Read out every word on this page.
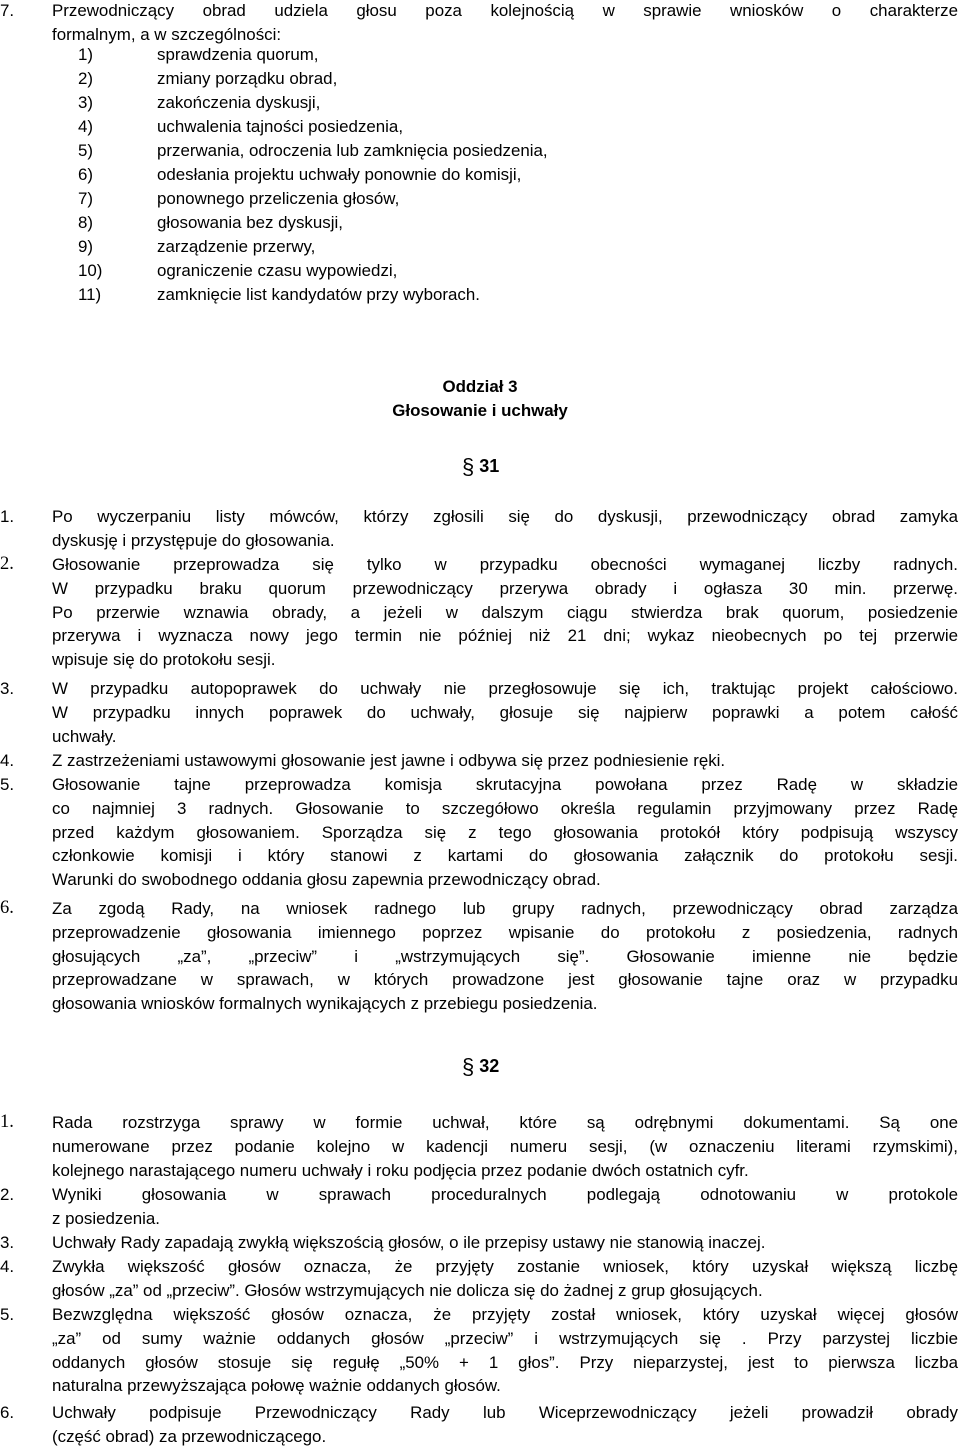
7.	Przewodniczący obrad udziela głosu poza kolejnością w sprawie wniosków o charakterze
formalnym, a w szczególności:
1)	sprawdzenia quorum,
2)	zmiany porządku obrad,
3)	zakończenia dyskusji,
4)	uchwalenia tajności posiedzenia,
5)	przerwania, odroczenia lub zamknięcia posiedzenia,
6)	odesłania projektu uchwały ponownie do komisji,
7)	ponownego przeliczenia głosów,
8)	głosowania bez dyskusji,
9)	zarządzenie przerwy,
10)	ograniczenie czasu wypowiedzi,
11)	zamknięcie list kandydatów przy wyborach.
Oddział 3
Głosowanie i uchwały
§ 31
1.	Po wyczerpaniu listy mówców, którzy zgłosili się do dyskusji, przewodniczący obrad zamyka
dyskusję i przystępuje do głosowania.
2.	Głosowanie przeprowadza się tylko w przypadku obecności wymaganej liczby radnych.
W przypadku braku quorum przewodniczący przerywa obrady i ogłasza 30 min. przerwę.
Po przerwie wznawia obrady, a jeżeli w dalszym ciągu stwierdza brak quorum, posiedzenie
przerywa i wyznacza nowy jego termin nie później niż 21 dni; wykaz nieobecnych po tej przerwie
wpisuje się do protokołu sesji.
3.	W przypadku autopoprawek do uchwały nie przegłosowuje się ich, traktując projekt całościowo.
W przypadku innych poprawek do uchwały, głosuje się najpierw poprawki a potem całość
uchwały.
4.	Z zastrzeżeniami ustawowymi głosowanie jest jawne i odbywa się przez podniesienie ręki.
5.	Głosowanie tajne przeprowadza komisja skrutacyjna powołana przez Radę w składzie
co najmniej 3 radnych. Głosowanie to szczegółowo określa regulamin przyjmowany przez Radę
przed każdym głosowaniem. Sporządza się z tego głosowania protokół który podpisują wszyscy
członkowie komisji i który stanowi z kartami do głosowania załącznik do protokołu sesji.
Warunki do swobodnego oddania głosu zapewnia przewodniczący obrad.
6.	Za zgodą Rady, na wniosek radnego lub grupy radnych, przewodniczący obrad zarządza
przeprowadzenie głosowania imiennego poprzez wpisanie do protokołu z posiedzenia, radnych
głosujących „za”, „przeciw” i „wstrzymujących się”. Głosowanie imienne nie będzie
przeprowadzane w sprawach, w których prowadzone jest głosowanie tajne oraz w przypadku
głosowania wniosków formalnych wynikających z przebiegu posiedzenia.
§ 32
1.	Rada rozstrzyga sprawy w formie uchwał, które są odrębnymi dokumentami. Są one
numerowane przez podanie kolejno w kadencji numeru sesji, (w oznaczeniu literami rzymskimi),
kolejnego narastającego numeru uchwały i roku podjęcia przez podanie dwóch ostatnich cyfr.
2.	Wyniki głosowania w sprawach proceduralnych podlegają odnotowaniu w protokole
z posiedzenia.
3.	Uchwały Rady zapadają zwykłą większością głosów, o ile przepisy ustawy nie stanowią inaczej.
4.	Zwykła większość głosów oznacza, że przyjęty zostanie wniosek, który uzyskał większą liczbę
głosów „za” od „przeciw”. Głosów wstrzymujących nie dolicza się do żadnej z grup głosujących.
5.	Bezwzględna większość głosów oznacza, że przyjęty został wniosek, który uzyskał więcej głosów
„za” od sumy ważnie oddanych głosów „przeciw” i wstrzymujących się . Przy parzystej liczbie
oddanych głosów stosuje się regułę „50% + 1 głos”. Przy nieparzystej, jest to pierwsza liczba
naturalna przewyższająca połowę ważnie oddanych głosów.
6.	Uchwały podpisuje Przewodniczący Rady lub Wiceprzewodniczący jeżeli prowadził obrady
(część obrad) za przewodniczącego.
